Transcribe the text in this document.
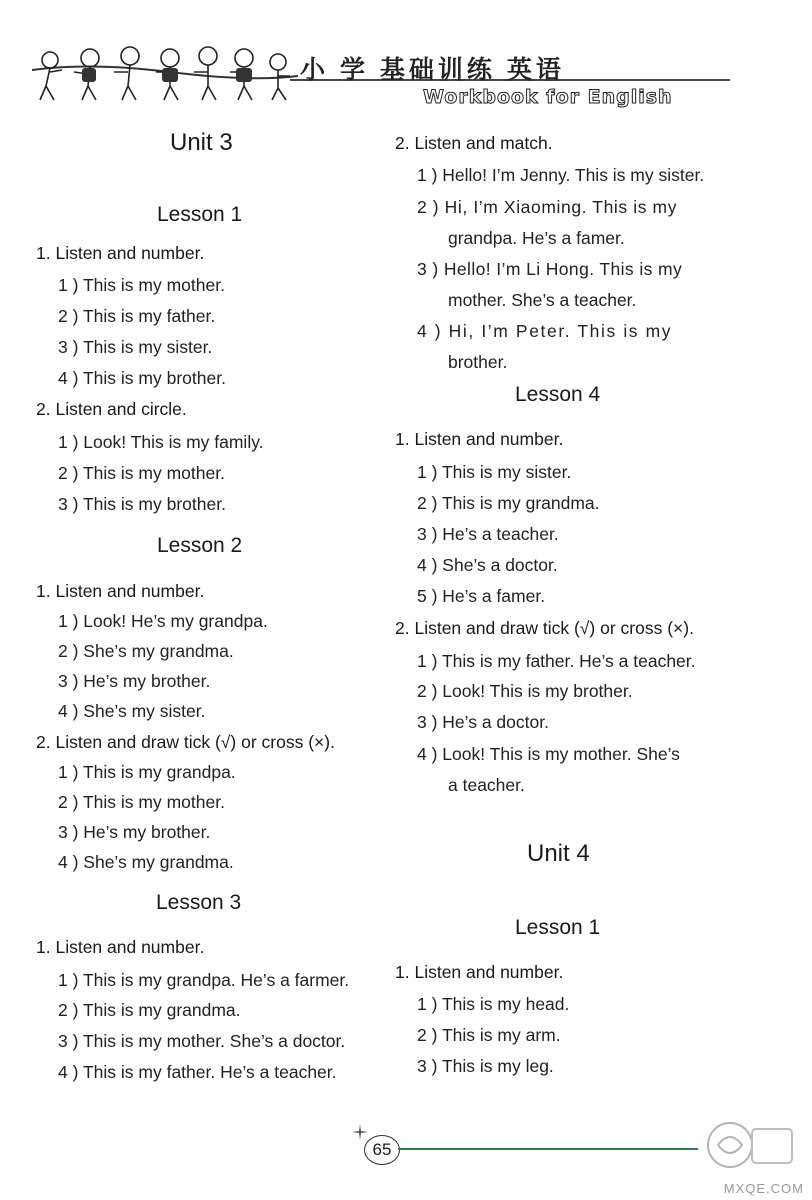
小 学 基础训练 英语
Workbook for English
Unit 3
Lesson 1
1. Listen and number.
1 ) This is my mother.
2 ) This is my father.
3 ) This is my sister.
4 ) This is my brother.
2. Listen and circle.
1 ) Look! This is my family.
2 ) This is my mother.
3 ) This is my brother.
Lesson 2
1. Listen and number.
1 ) Look! He’s my grandpa.
2 ) She’s my grandma.
3 ) He’s my brother.
4 ) She’s my sister.
2. Listen and draw tick (√) or cross (×).
1 ) This is my grandpa.
2 ) This is my mother.
3 ) He’s my brother.
4 ) She’s my grandma.
Lesson 3
1. Listen and number.
1 ) This is my grandpa. He’s a farmer.
2 ) This is my grandma.
3 ) This is my mother. She’s a doctor.
4 ) This is my father. He’s a teacher.
2. Listen and match.
1 ) Hello! I’m Jenny. This is my sister.
2 ) Hi, I’m Xiaoming. This is my
grandpa. He’s a famer.
3 ) Hello! I’m Li Hong. This is my
mother. She’s a teacher.
4 ) Hi, I’m Peter. This is my
brother.
Lesson 4
1. Listen and number.
1 ) This is my sister.
2 ) This is my grandma.
3 ) He’s a teacher.
4 ) She’s a doctor.
5 ) He’s a famer.
2. Listen and draw tick (√) or cross (×).
1 ) This is my father. He’s a teacher.
2 ) Look! This is my brother.
3 ) He’s a doctor.
4 ) Look! This is my mother. She’s
a teacher.
Unit 4
Lesson 1
1. Listen and number.
1 ) This is my head.
2 ) This is my arm.
3 ) This is my leg.
65
MXQE.COM
